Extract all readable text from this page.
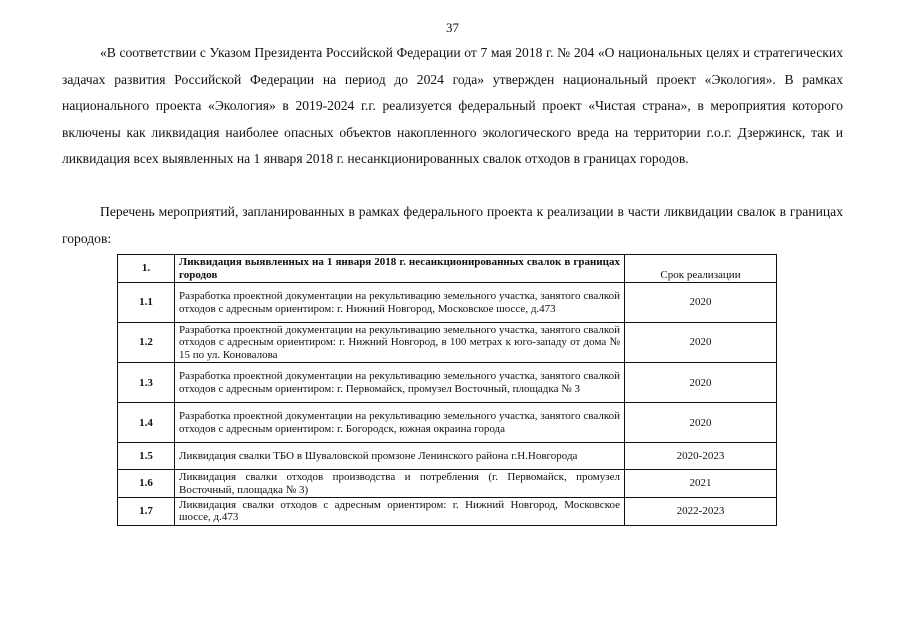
37

«В соответствии с Указом Президента Российской Федерации от 7 мая 2018 г. № 204 «О национальных целях и стратегических задачах развития Российской Федерации на период до 2024 года» утвержден национальный проект «Экология». В рамках национального проекта «Экология» в 2019-2024 г.г. реализуется федеральный проект «Чистая страна», в мероприятия которого включены как ликвидация наиболее опасных объектов накопленного экологического вреда на территории г.о.г. Дзержинск, так и ликвидация всех выявленных на 1 января 2018 г. несанкционированных свалок отходов в границах городов.

Перечень мероприятий, запланированных в рамках федерального проекта к реализации в части ликвидации свалок в границах городов:

1.	Ликвидация выявленных на 1 января 2018 г. несанкционированных свалок в границах городов	Срок реализации
1.1	Разработка проектной документации на рекультивацию земельного участка, занятого свалкой отходов с адресным ориентиром: г. Нижний Новгород, Московское шоссе, д.473	2020
1.2	Разработка проектной документации на рекультивацию земельного участка, занятого свалкой отходов с адресным ориентиром: г. Нижний Новгород, в 100 метрах к юго-западу от дома № 15 по ул. Коновалова	2020
1.3	Разработка проектной документации на рекультивацию земельного участка, занятого свалкой отходов с адресным ориентиром: г. Первомайск, промузел Восточный, площадка № 3	2020
1.4	Разработка проектной документации на рекультивацию земельного участка, занятого свалкой отходов с адресным ориентиром: г. Богородск, южная окраина города	2020
1.5	Ликвидация свалки ТБО в Шуваловской промзоне Ленинского района г.Н.Новгорода	2020-2023
1.6	Ликвидация свалки отходов производства и потребления (г. Первомайск, промузел Восточный, площадка № 3)	2021
1.7	Ликвидация свалки отходов с адресным ориентиром: г. Нижний Новгород, Московское шоссе, д.473	2022-2023
